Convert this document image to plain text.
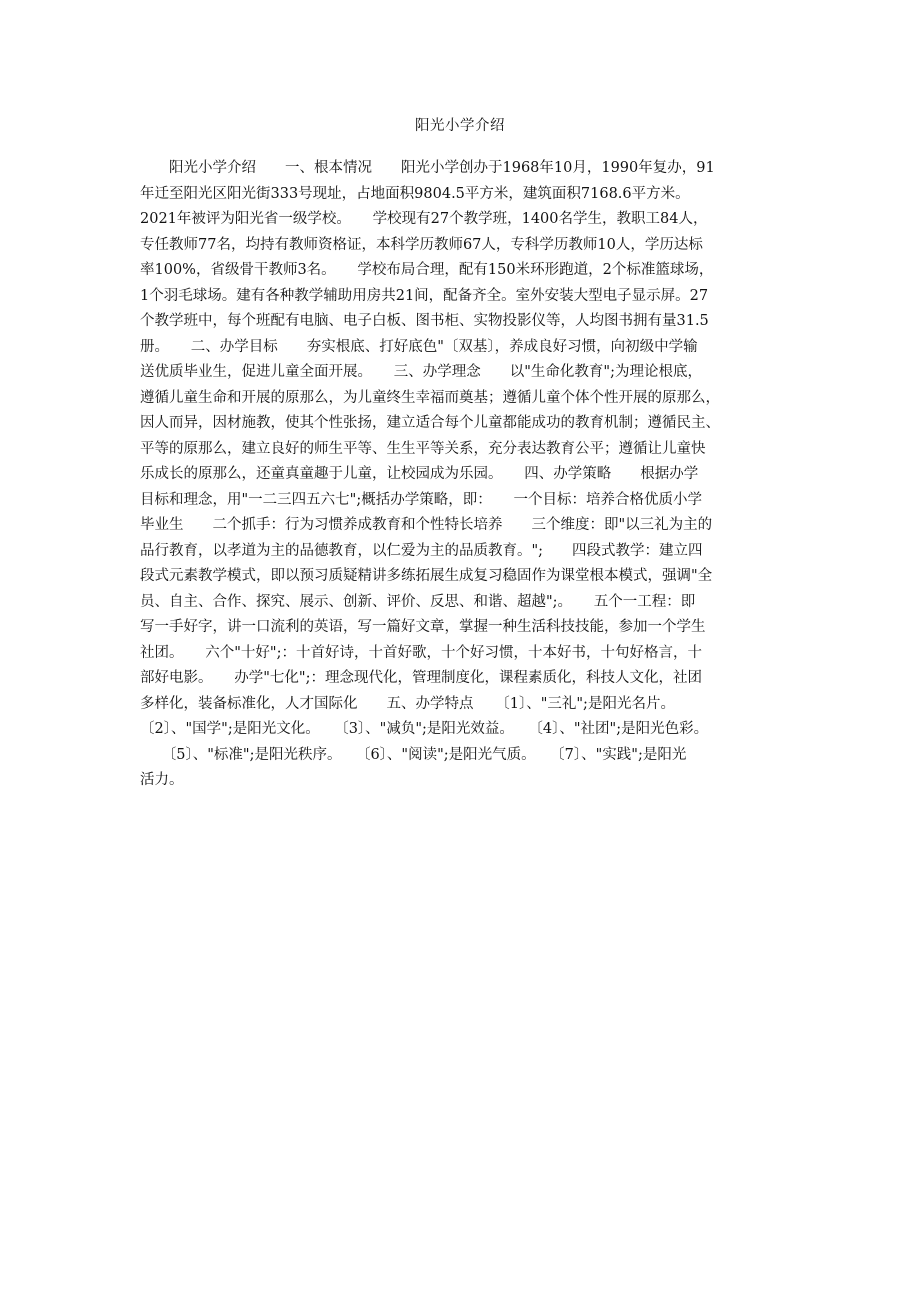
阳光小学介绍
　　阳光小学介绍　　一、根本情况　　阳光小学创办于1968年10月，1990年复办，91
年迁至阳光区阳光街333号现址，占地面积9804.5平方米，建筑面积7168.6平方米。
2021年被评为阳光省一级学校。　　学校现有27个教学班，1400名学生，教职工84人，
专任教师77名，均持有教师资格证，本科学历教师67人，专科学历教师10人，学历达标
率100%，省级骨干教师3名。　　学校布局合理，配有150米环形跑道，2个标准篮球场，
1个羽毛球场。建有各种教学辅助用房共21间，配备齐全。室外安装大型电子显示屏。27
个教学班中，每个班配有电脑、电子白板、图书柜、实物投影仪等，人均图书拥有量31.5
册。　　二、办学目标　　夯实根底、打好底色"〔双基〕，养成良好习惯，向初级中学输
送优质毕业生，促进儿童全面开展。　　三、办学理念　　以"生命化教育";为理论根底，
遵循儿童生命和开展的原那么，为儿童终生幸福而奠基；遵循儿童个体个性开展的原那么，
因人而异，因材施教，使其个性张扬，建立适合每个儿童都能成功的教育机制；遵循民主、
平等的原那么，建立良好的师生平等、生生平等关系，充分表达教育公平；遵循让儿童快
乐成长的原那么，还童真童趣于儿童，让校园成为乐园。　　四、办学策略　　根据办学
目标和理念，用"一二三四五六七";概括办学策略，即：　　一个目标：培养合格优质小学
毕业生　　二个抓手：行为习惯养成教育和个性特长培养　　三个维度：即"以三礼为主的
品行教育，以孝道为主的品德教育，以仁爱为主的品质教育。";　　四段式教学：建立四
段式元素教学模式，即以预习质疑精讲多练拓展生成复习稳固作为课堂根本模式，强调"全
员、自主、合作、探究、展示、创新、评价、反思、和谐、超越";。　　五个一工程：即
写一手好字，讲一口流利的英语，写一篇好文章，掌握一种生活科技技能，参加一个学生
社团。　　六个"十好";：十首好诗，十首好歌，十个好习惯，十本好书，十句好格言，十
部好电影。　　办学"七化";：理念现代化，管理制度化，课程素质化，科技人文化，社团
多样化，装备标准化，人才国际化　　五、办学特点　　〔1〕、"三礼";是阳光名片。
〔2〕、"国学";是阳光文化。　　〔3〕、"减负";是阳光效益。　　〔4〕、"社团";是阳光色彩。
　　〔5〕、"标准";是阳光秩序。　　〔6〕、"阅读";是阳光气质。　　〔7〕、"实践";是阳光
活力。
